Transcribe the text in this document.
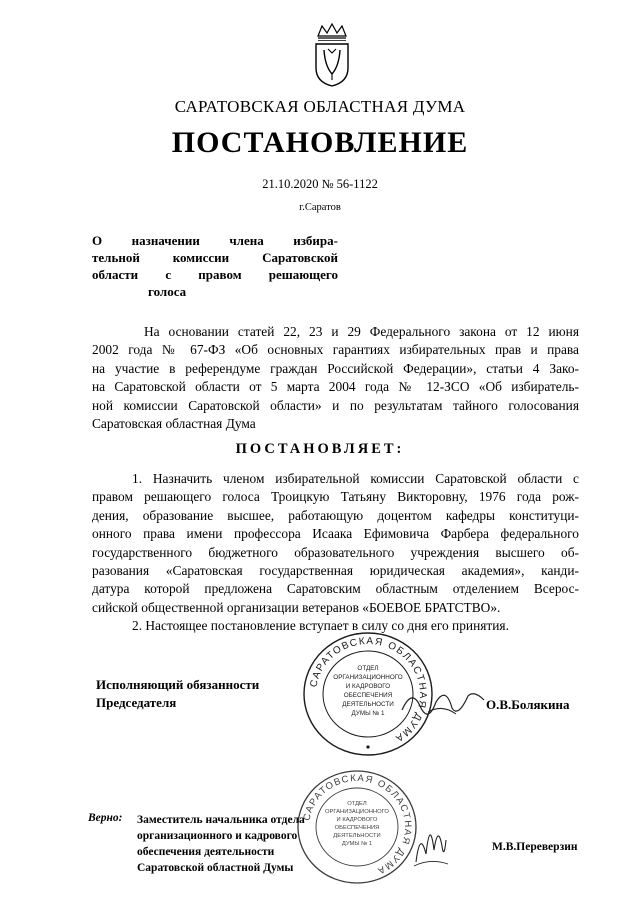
САРАТОВСКАЯ ОБЛАСТНАЯ ДУМА
ПОСТАНОВЛЕНИЕ
21.10.2020 № 56-1122
г.Саратов
О назначении члена избира-
тельной комиссии Саратовской
области с правом решающего
голоса
На основании статей 22, 23 и 29 Федерального закона от 12 июня
2002 года № 67-ФЗ «Об основных гарантиях избирательных прав и права
на участие в референдуме граждан Российской Федерации», статьи 4 Зако-
на Саратовской области от 5 марта 2004 года № 12-ЗСО «Об избиратель-
ной комиссии Саратовской области» и по результатам тайного голосования
Саратовская областная Дума
ПОСТАНОВЛЯЕТ:
1. Назначить членом избирательной комиссии Саратовской области с
правом решающего голоса Троицкую Татьяну Викторовну, 1976 года рож-
дения, образование высшее, работающую доцентом кафедры конституци-
онного права имени профессора Исаака Ефимовича Фарбера федерального
государственного бюджетного образовательного учреждения высшего об-
разования «Саратовская государственная юридическая академия», канди-
датура которой предложена Саратовским областным отделением Всерос-
сийской общественной организации ветеранов «БОЕВОЕ БРАТСТВО».
2. Настоящее постановление вступает в силу со дня его принятия.
САРАТОВСКАЯ ОБЛАСТНАЯ ДУМА
ОТДЕЛ
ОРГАНИЗАЦИОННОГО
И КАДРОВОГО
ОБЕСПЕЧЕНИЯ
ДЕЯТЕЛЬНОСТИ
ДУМЫ № 1
Исполняющий обязанности
Председателя	О.В.Болякина
Верно: Заместитель начальника отдела
организационного и кадрового
обеспечения деятельности
Саратовской областной Думы
САРАТОВСКАЯ ОБЛАСТНАЯ ДУМА
ОТДЕЛ
ОРГАНИЗАЦИОННОГО
И КАДРОВОГО
ОБЕСПЕЧЕНИЯ
ДЕЯТЕЛЬНОСТИ
ДУМЫ № 1	М.В.Переверзин
